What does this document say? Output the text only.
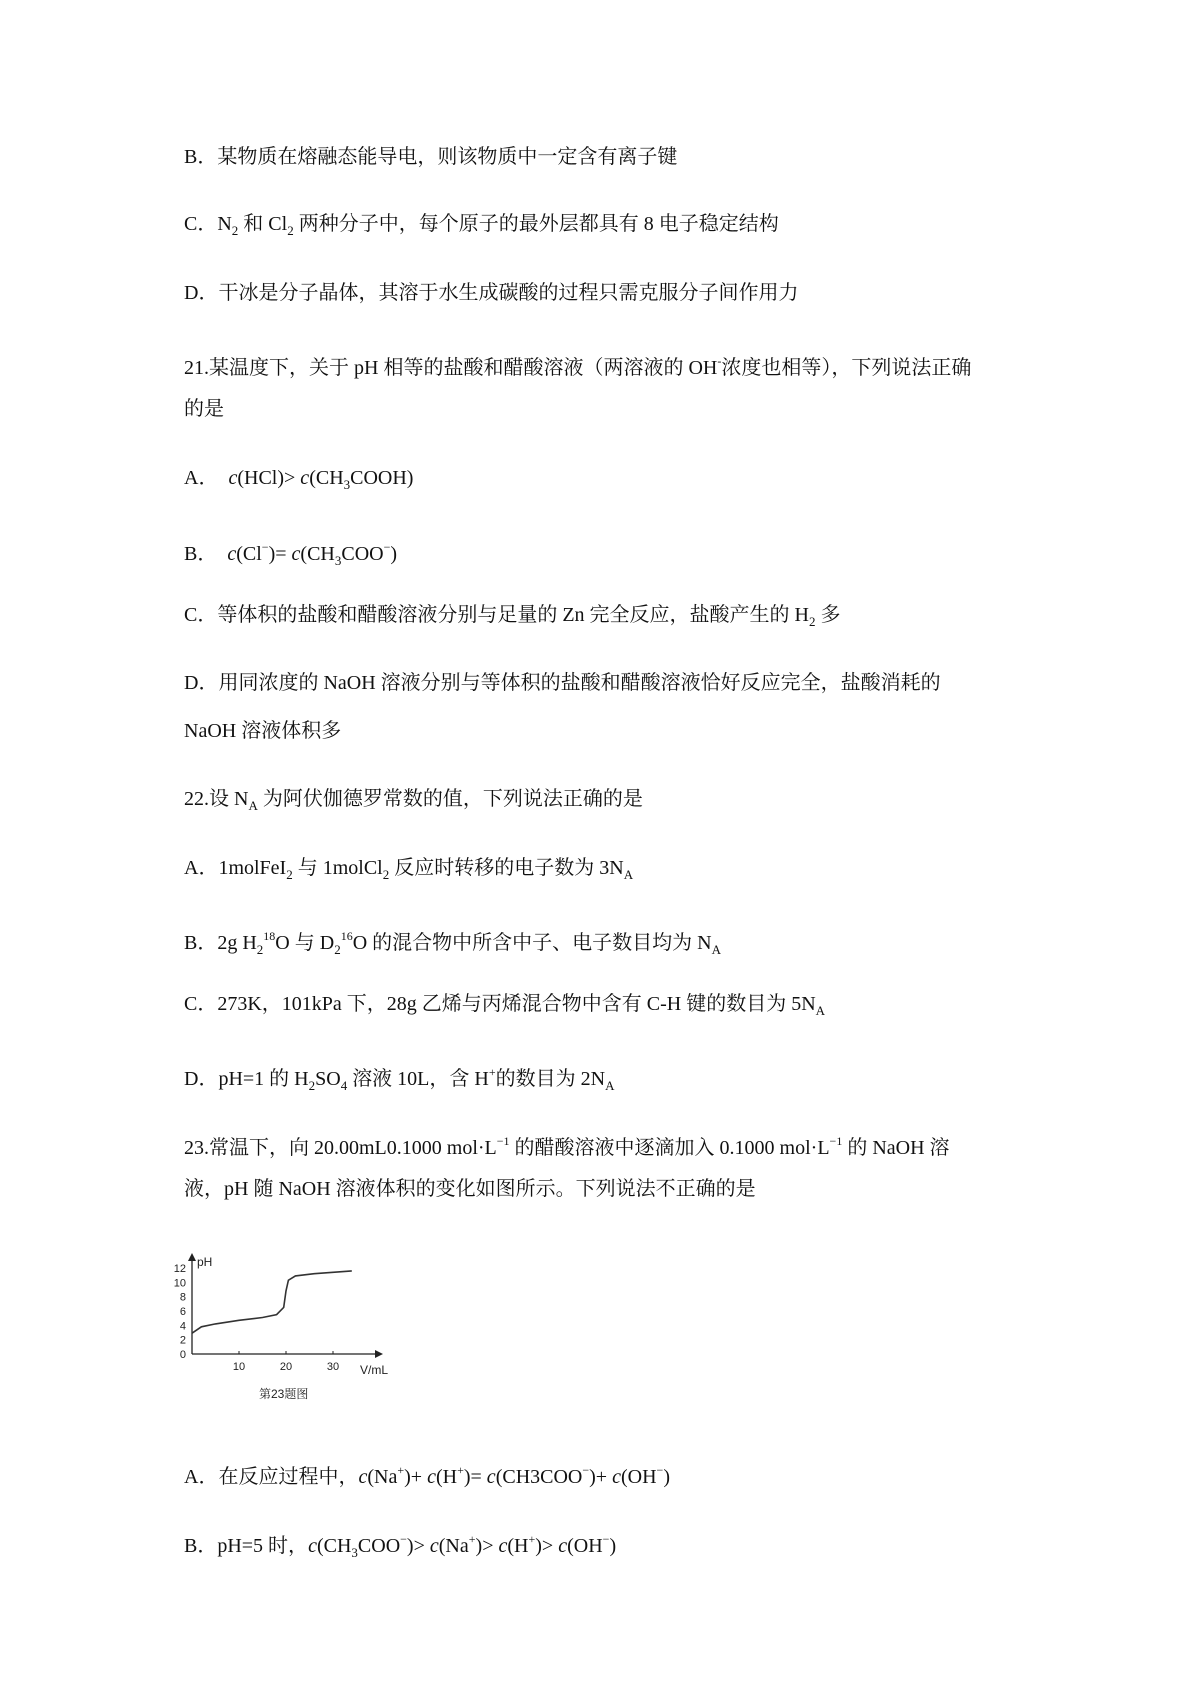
B．某物质在熔融态能导电，则该物质中一定含有离子键
C．$N_2$ 和 $Cl_2$ 两种分子中，每个原子的最外层都具有 8 电子稳定结构
D．干冰是分子晶体，其溶于水生成碳酸的过程只需克服分子间作用力
21.某温度下，关于 pH 相等的盐酸和醋酸溶液（两溶液的 OH-浓度也相等），下列说法正确
的是
A．  $c(HCl)> c(CH_3COOH)$
B．  $c(Cl^-)= c(CH_3COO^-)$
C．等体积的盐酸和醋酸溶液分别与足量的 Zn 完全反应，盐酸产生的 $H_2$ 多
D．用同浓度的 NaOH 溶液分别与等体积的盐酸和醋酸溶液恰好反应完全，盐酸消耗的
NaOH 溶液体积多
22.设 $N_A$ 为阿伏伽德罗常数的值，下列说法正确的是
A．1molFeI$_2$ 与 1molCl$_2$ 反应时转移的电子数为 $3N_A$
B．2g $H_2^{18}O$ 与 $D_2^{16}O$ 的混合物中所含中子、电子数目均为 $N_A$
C．273K，101kPa 下，28g 乙烯与丙烯混合物中含有 C-H 键的数目为 $5N_A$
D．pH=1 的 $H_2SO_4$ 溶液 10L，含 H+的数目为 $2N_A$
23.常温下，向 20.00mL0.1000 $mol\cdot L^{-1}$ 的醋酸溶液中逐滴加入 0.1000 $mol\cdot L^{-1}$ 的 NaOH 溶
液，pH 随 NaOH 溶液体积的变化如图所示。下列说法不正确的是
A．在反应过程中，c(Na+)+ c(H+)= c(CH3COO−)+ c(OH−)
B．pH=5 时，$c(CH_3COO^-)> c(Na^+)> c(H^+)> c(OH^-)$
pH
V/mL
第23题图
12
10
8
6
4
2
0
10	20	30
